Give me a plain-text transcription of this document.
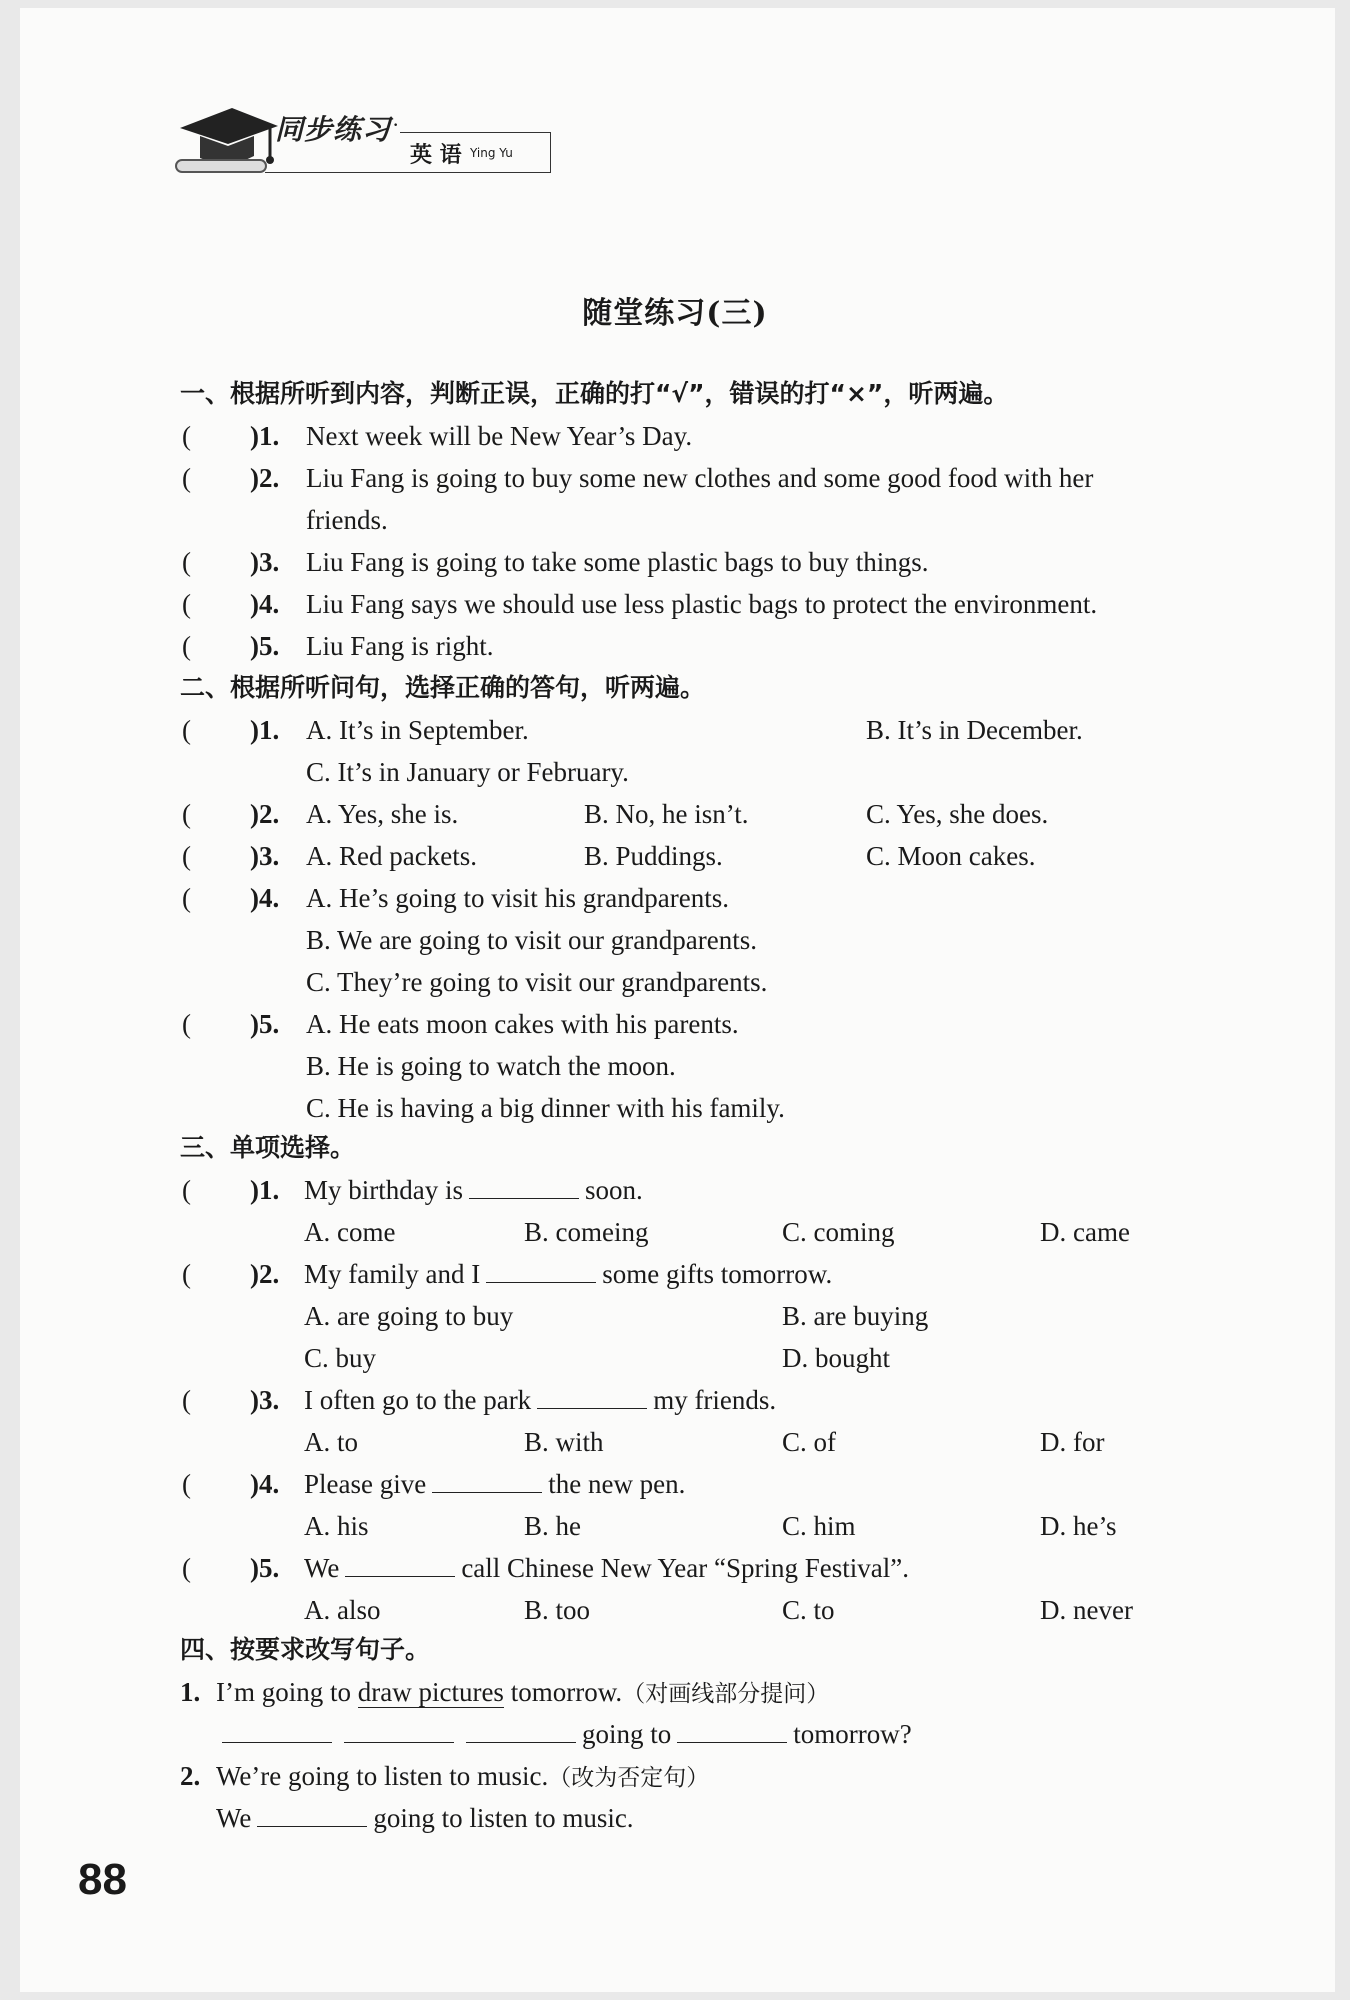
同步练习 ·
英 语 Ying Yu
随堂练习(三)
一、根据所听到内容，判断正误，正确的打“√”，错误的打“×”，听两遍。
( )1. Next week will be New Year’s Day.
( )2. Liu Fang is going to buy some new clothes and some good food with her
friends.
( )3. Liu Fang is going to take some plastic bags to buy things.
( )4. Liu Fang says we should use less plastic bags to protect the environment.
( )5. Liu Fang is right.
二、根据所听问句，选择正确的答句，听两遍。
( )1. A. It’s in September.	B. It’s in December.
C. It’s in January or February.
( )2. A. Yes, she is.	B. No, he isn’t.	C. Yes, she does.
( )3. A. Red packets.	B. Puddings.	C. Moon cakes.
( )4. A. He’s going to visit his grandparents.
B. We are going to visit our grandparents.
C. They’re going to visit our grandparents.
( )5. A. He eats moon cakes with his parents.
B. He is going to watch the moon.
C. He is having a big dinner with his family.
三、单项选择。
( )1. My birthday is	soon.
A. come	B. comeing	C. coming	D. came
( )2. My family and I	some gifts tomorrow.
A. are going to buy	B. are buying
C. buy	D. bought
( )3. I often go to the park	my friends.
A. to	B. with	C. of	D. for
( )4. Please give	the new pen.
A. his	B. he	C. him	D. he’s
( )5. We	call Chinese New Year “Spring Festival”.
A. also	B. too	C. to	D. never
四、按要求改写句子。
1. I’m going to draw pictures tomorrow.（对画线部分提问）
going to	tomorrow?
2. We’re going to listen to music.（改为否定句）
We	going to listen to music.
88
